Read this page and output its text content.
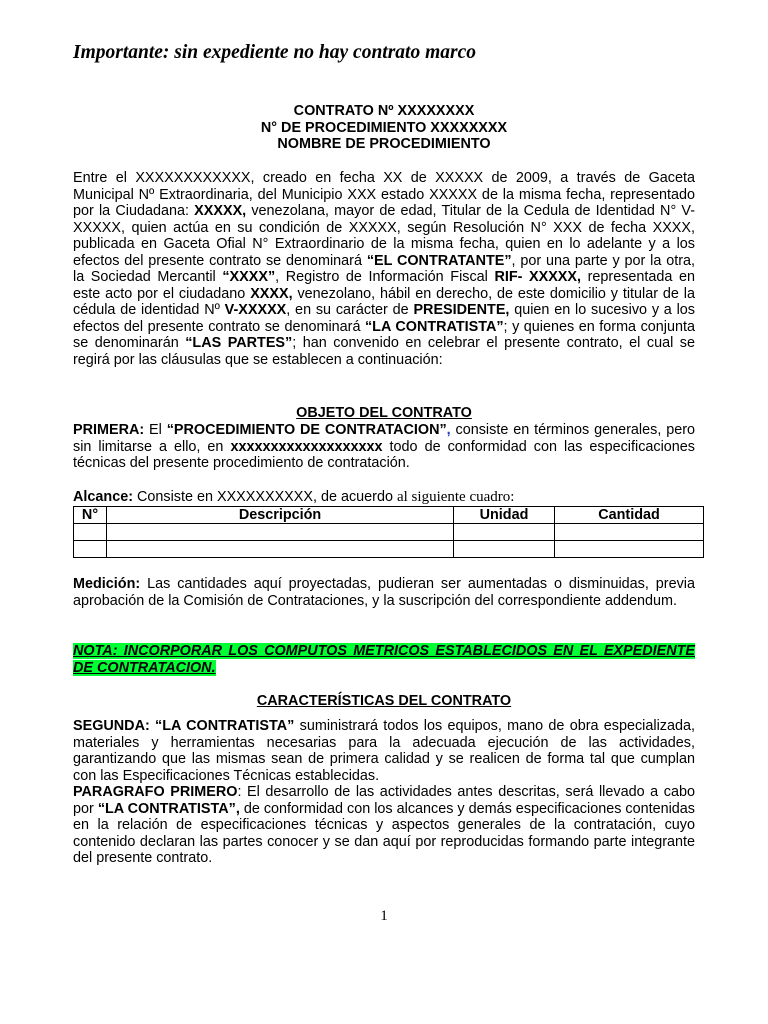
Importante: sin expediente no hay contrato marco
CONTRATO Nº XXXXXXXX
N° DE PROCEDIMIENTO XXXXXXXX
NOMBRE DE PROCEDIMIENTO
Entre el XXXXXXXXXXXX, creado en fecha XX de XXXXX de 2009, a través de Gaceta Municipal Nº Extraordinaria, del Municipio XXX estado XXXXX de la misma fecha, representado por la Ciudadana: XXXXX, venezolana, mayor de edad, Titular de la Cedula de Identidad N° V-XXXXX, quien actúa en su condición de XXXXX, según Resolución N° XXX de fecha XXXX, publicada en Gaceta Ofial N° Extraordinario de la misma fecha, quien en lo adelante y a los efectos del presente contrato se denominará “EL CONTRATANTE”, por una parte y por la otra, la Sociedad Mercantil “XXXX”, Registro de Información Fiscal RIF- XXXXX, representada en este acto por el ciudadano XXXX, venezolano, hábil en derecho, de este domicilio y titular de la cédula de identidad Nº V-XXXXX, en su carácter de PRESIDENTE, quien en lo sucesivo y a los efectos del presente contrato se denominará “LA CONTRATISTA”; y quienes en forma conjunta se denominarán “LAS PARTES”; han convenido en celebrar el presente contrato, el cual se regirá por las cláusulas que se establecen a continuación:
OBJETO DEL CONTRATO
PRIMERA: El “PROCEDIMIENTO DE CONTRATACION”, consiste en términos generales, pero sin limitarse a ello, en xxxxxxxxxxxxxxxxxxx todo de conformidad con las especificaciones técnicas del presente procedimiento de contratación.
Alcance: Consiste en XXXXXXXXXX, de acuerdo al siguiente cuadro:
N°	Descripción	Unidad	Cantidad

Medición: Las cantidades aquí proyectadas, pudieran ser aumentadas o disminuidas, previa aprobación de la Comisión de Contrataciones, y la suscripción del correspondiente addendum.
NOTA: INCORPORAR LOS COMPUTOS METRICOS ESTABLECIDOS EN EL EXPEDIENTE DE CONTRATACION.
CARACTERÍSTICAS DEL CONTRATO
SEGUNDA: “LA CONTRATISTA” suministrará todos los equipos, mano de obra especializada, materiales y herramientas necesarias para la adecuada ejecución de las actividades, garantizando que las mismas sean de primera calidad y se realicen de forma tal que cumplan con las Especificaciones Técnicas establecidas.
PARAGRAFO PRIMERO: El desarrollo de las actividades antes descritas, será llevado a cabo por “LA CONTRATISTA”, de conformidad con los alcances y demás especificaciones contenidas en la relación de especificaciones técnicas y aspectos generales de la contratación, cuyo contenido declaran las partes conocer y se dan aquí por reproducidas formando parte integrante del presente contrato.
1
